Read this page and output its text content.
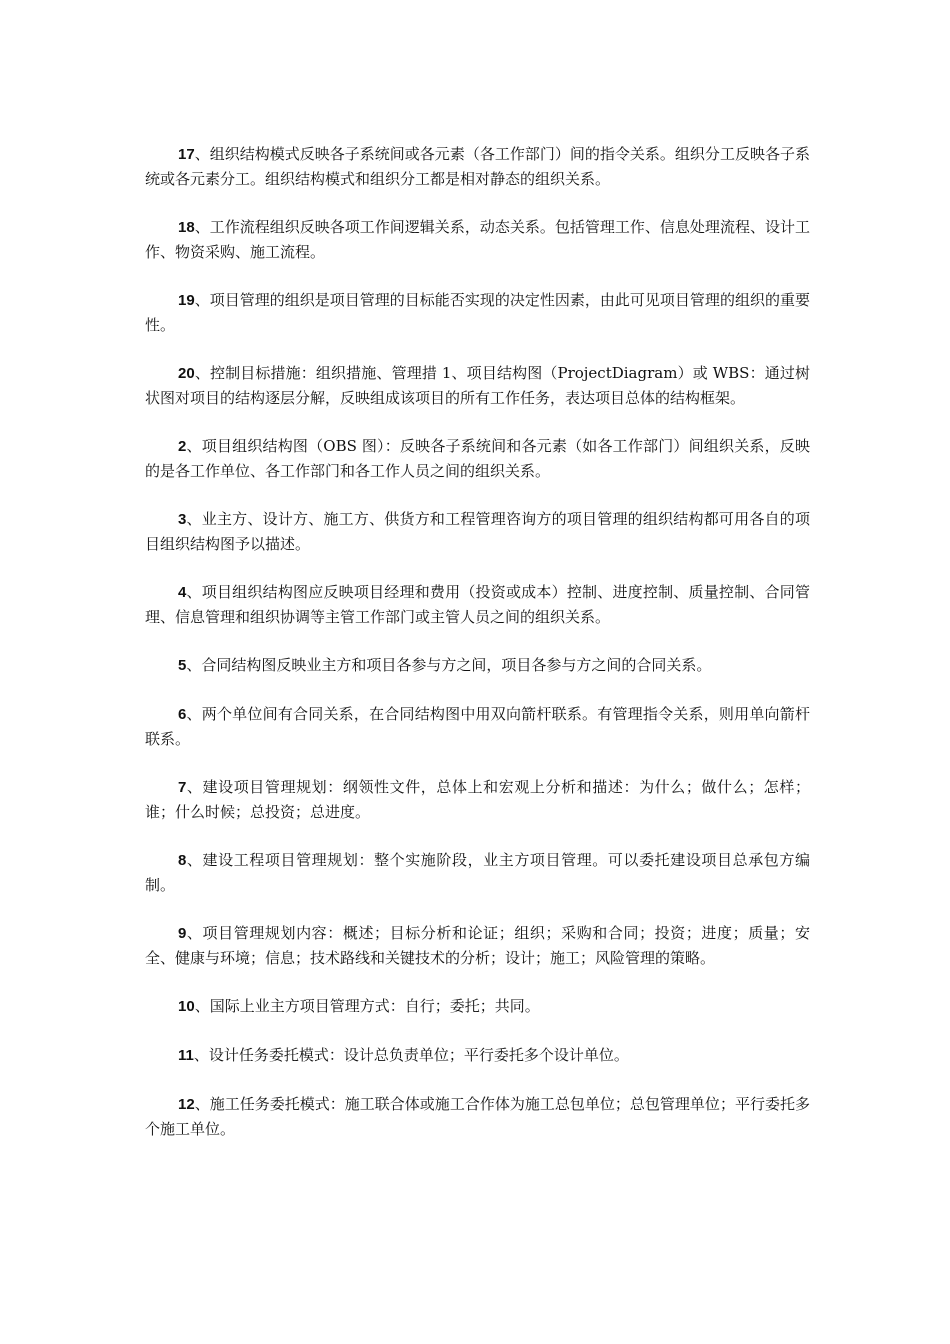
17、组织结构模式反映各子系统间或各元素（各工作部门）间的指令关系。组织分工反映各子系统或各元素分工。组织结构模式和组织分工都是相对静态的组织关系。

18、工作流程组织反映各项工作间逻辑关系，动态关系。包括管理工作、信息处理流程、设计工作、物资采购、施工流程。

19、项目管理的组织是项目管理的目标能否实现的决定性因素，由此可见项目管理的组织的重要性。

20、控制目标措施：组织措施、管理措 1、项目结构图（ProjectDiagram）或 WBS：通过树状图对项目的结构逐层分解，反映组成该项目的所有工作任务，表达项目总体的结构框架。

2、项目组织结构图（OBS 图）：反映各子系统间和各元素（如各工作部门）间组织关系，反映的是各工作单位、各工作部门和各工作人员之间的组织关系。

3、业主方、设计方、施工方、供货方和工程管理咨询方的项目管理的组织结构都可用各自的项目组织结构图予以描述。

4、项目组织结构图应反映项目经理和费用（投资或成本）控制、进度控制、质量控制、合同管理、信息管理和组织协调等主管工作部门或主管人员之间的组织关系。

5、合同结构图反映业主方和项目各参与方之间，项目各参与方之间的合同关系。

6、两个单位间有合同关系，在合同结构图中用双向箭杆联系。有管理指令关系，则用单向箭杆联系。

7、建设项目管理规划：纲领性文件，总体上和宏观上分析和描述：为什么；做什么；怎样；谁；什么时候；总投资；总进度。

8、建设工程项目管理规划：整个实施阶段，业主方项目管理。可以委托建设项目总承包方编制。

9、项目管理规划内容：概述；目标分析和论证；组织；采购和合同；投资；进度；质量；安全、健康与环境；信息；技术路线和关键技术的分析；设计；施工；风险管理的策略。

10、国际上业主方项目管理方式：自行；委托；共同。

11、设计任务委托模式：设计总负责单位；平行委托多个设计单位。

12、施工任务委托模式：施工联合体或施工合作体为施工总包单位；总包管理单位；平行委托多个施工单位。
